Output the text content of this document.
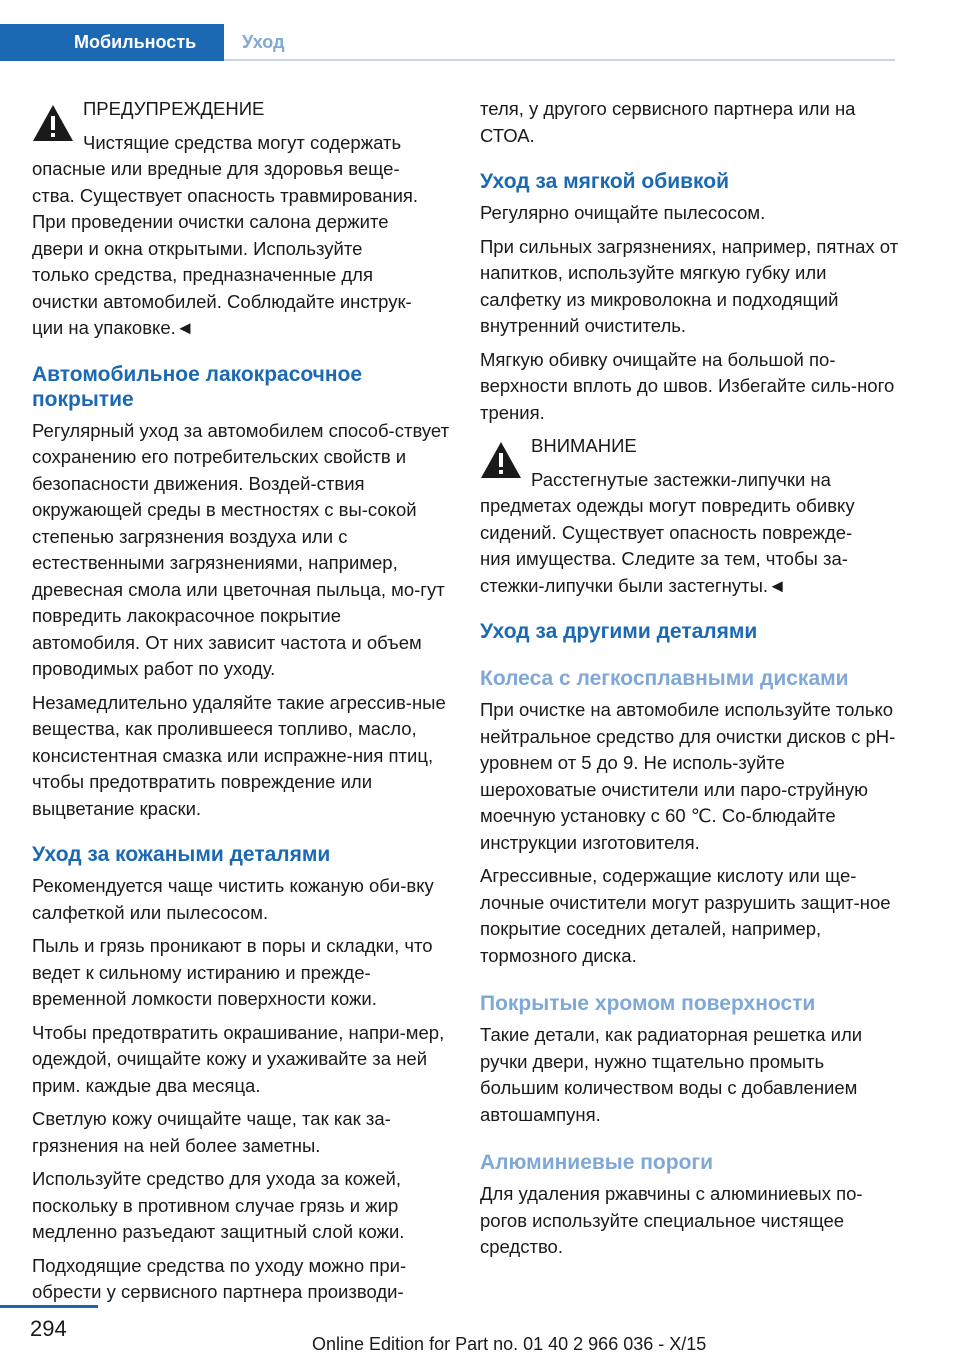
Мобильность	Уход

ПРЕДУПРЕЖДЕНИЕ

Чистящие средства могут содержать
опасные или вредные для здоровья веще-
ства. Существует опасность травмирования.
При проведении очистки салона держите
двери и окна открытыми. Используйте
только средства, предназначенные для
очистки автомобилей. Соблюдайте инструк-
ции на упаковке.◄
Автомобильное лакокрасочное покрытие

Регулярный уход за автомобилем способ-ствует сохранению его потребительских свойств и безопасности движения. Воздей-ствия окружающей среды в местностях с вы-сокой степенью загрязнения воздуха или с естественными загрязнениями, например, древесная смола или цветочная пыльца, мо-гут повредить лакокрасочное покрытие автомобиля. От них зависит частота и объем проводимых работ по уходу.

Незамедлительно удаляйте такие агрессив-ные вещества, как пролившееся топливо, масло, консистентная смазка или испражне-ния птиц, чтобы предотвратить повреждение или выцветание краски.

Уход за кожаными деталями

Рекомендуется чаще чистить кожаную оби-вку салфеткой или пылесосом.

Пыль и грязь проникают в поры и складки, что ведет к сильному истиранию и прежде-временной ломкости поверхности кожи.

Чтобы предотвратить окрашивание, напри-мер, одеждой, очищайте кожу и ухаживайте за ней прим. каждые два месяца.

Светлую кожу очищайте чаще, так как за-грязнения на ней более заметны.

Используйте средство для ухода за кожей, поскольку в противном случае грязь и жир медленно разъедают защитный слой кожи.

Подходящие средства по уходу можно при-обрести у сервисного партнера производи-

теля, у другого сервисного партнера или на СТОА.

Уход за мягкой обивкой

Регулярно очищайте пылесосом.

При сильных загрязнениях, например, пятнах от напитков, используйте мягкую губку или салфетку из микроволокна и подходящий внутренний очиститель.

Мягкую обивку очищайте на большой по-верхности вплоть до швов. Избегайте силь-ного трения.

ВНИМАНИЕ

Расстегнутые застежки-липучки на
предметах одежды могут повредить обивку
сидений. Существует опасность поврежде-
ния имущества. Следите за тем, чтобы за-
стежки-липучки были застегнуты.◄
Уход за другими деталями
Колеса с легкосплавными дисками

При очистке на автомобиле используйте только нейтральное средство для очистки дисков с pH-уровнем от 5 до 9. Не исполь-зуйте шероховатые очистители или паро-струйную моечную установку с 60 ℃. Со-блюдайте инструкции изготовителя.

Агрессивные, содержащие кислоту или ще-лочные очистители могут разрушить защит-ное покрытие соседних деталей, например, тормозного диска.

Покрытые хромом поверхности

Такие детали, как радиаторная решетка или ручки двери, нужно тщательно промыть большим количеством воды с добавлением автошампуня.

Алюминиевые пороги

Для удаления ржавчины с алюминиевых по-рогов используйте специальное чистящее средство.

294
Online Edition for Part no. 01 40 2 966 036 - X/15
